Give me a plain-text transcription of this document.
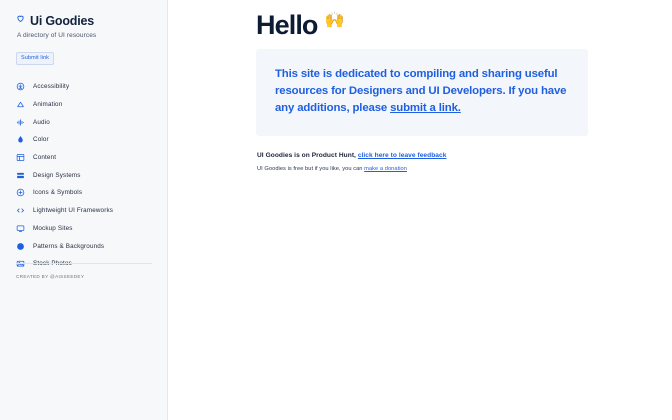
Ui Goodies
A directory of UI resources
Submit link
Accessibility
Animation
Audio
Color
Content
Design Systems
Icons & Symbols
Lightweight UI Frameworks
Mockup Sites
Patterns & Backgrounds
CREATED BY @AISSEEDEY
Hello 🙌

This site is dedicated to compiling and sharing useful resources for Designers and UI Developers. If you have any additions, please submit a link.

UI Goodies is on Product Hunt, click here to leave feedback

UI Goodies is free but if you like, you can make a donation
